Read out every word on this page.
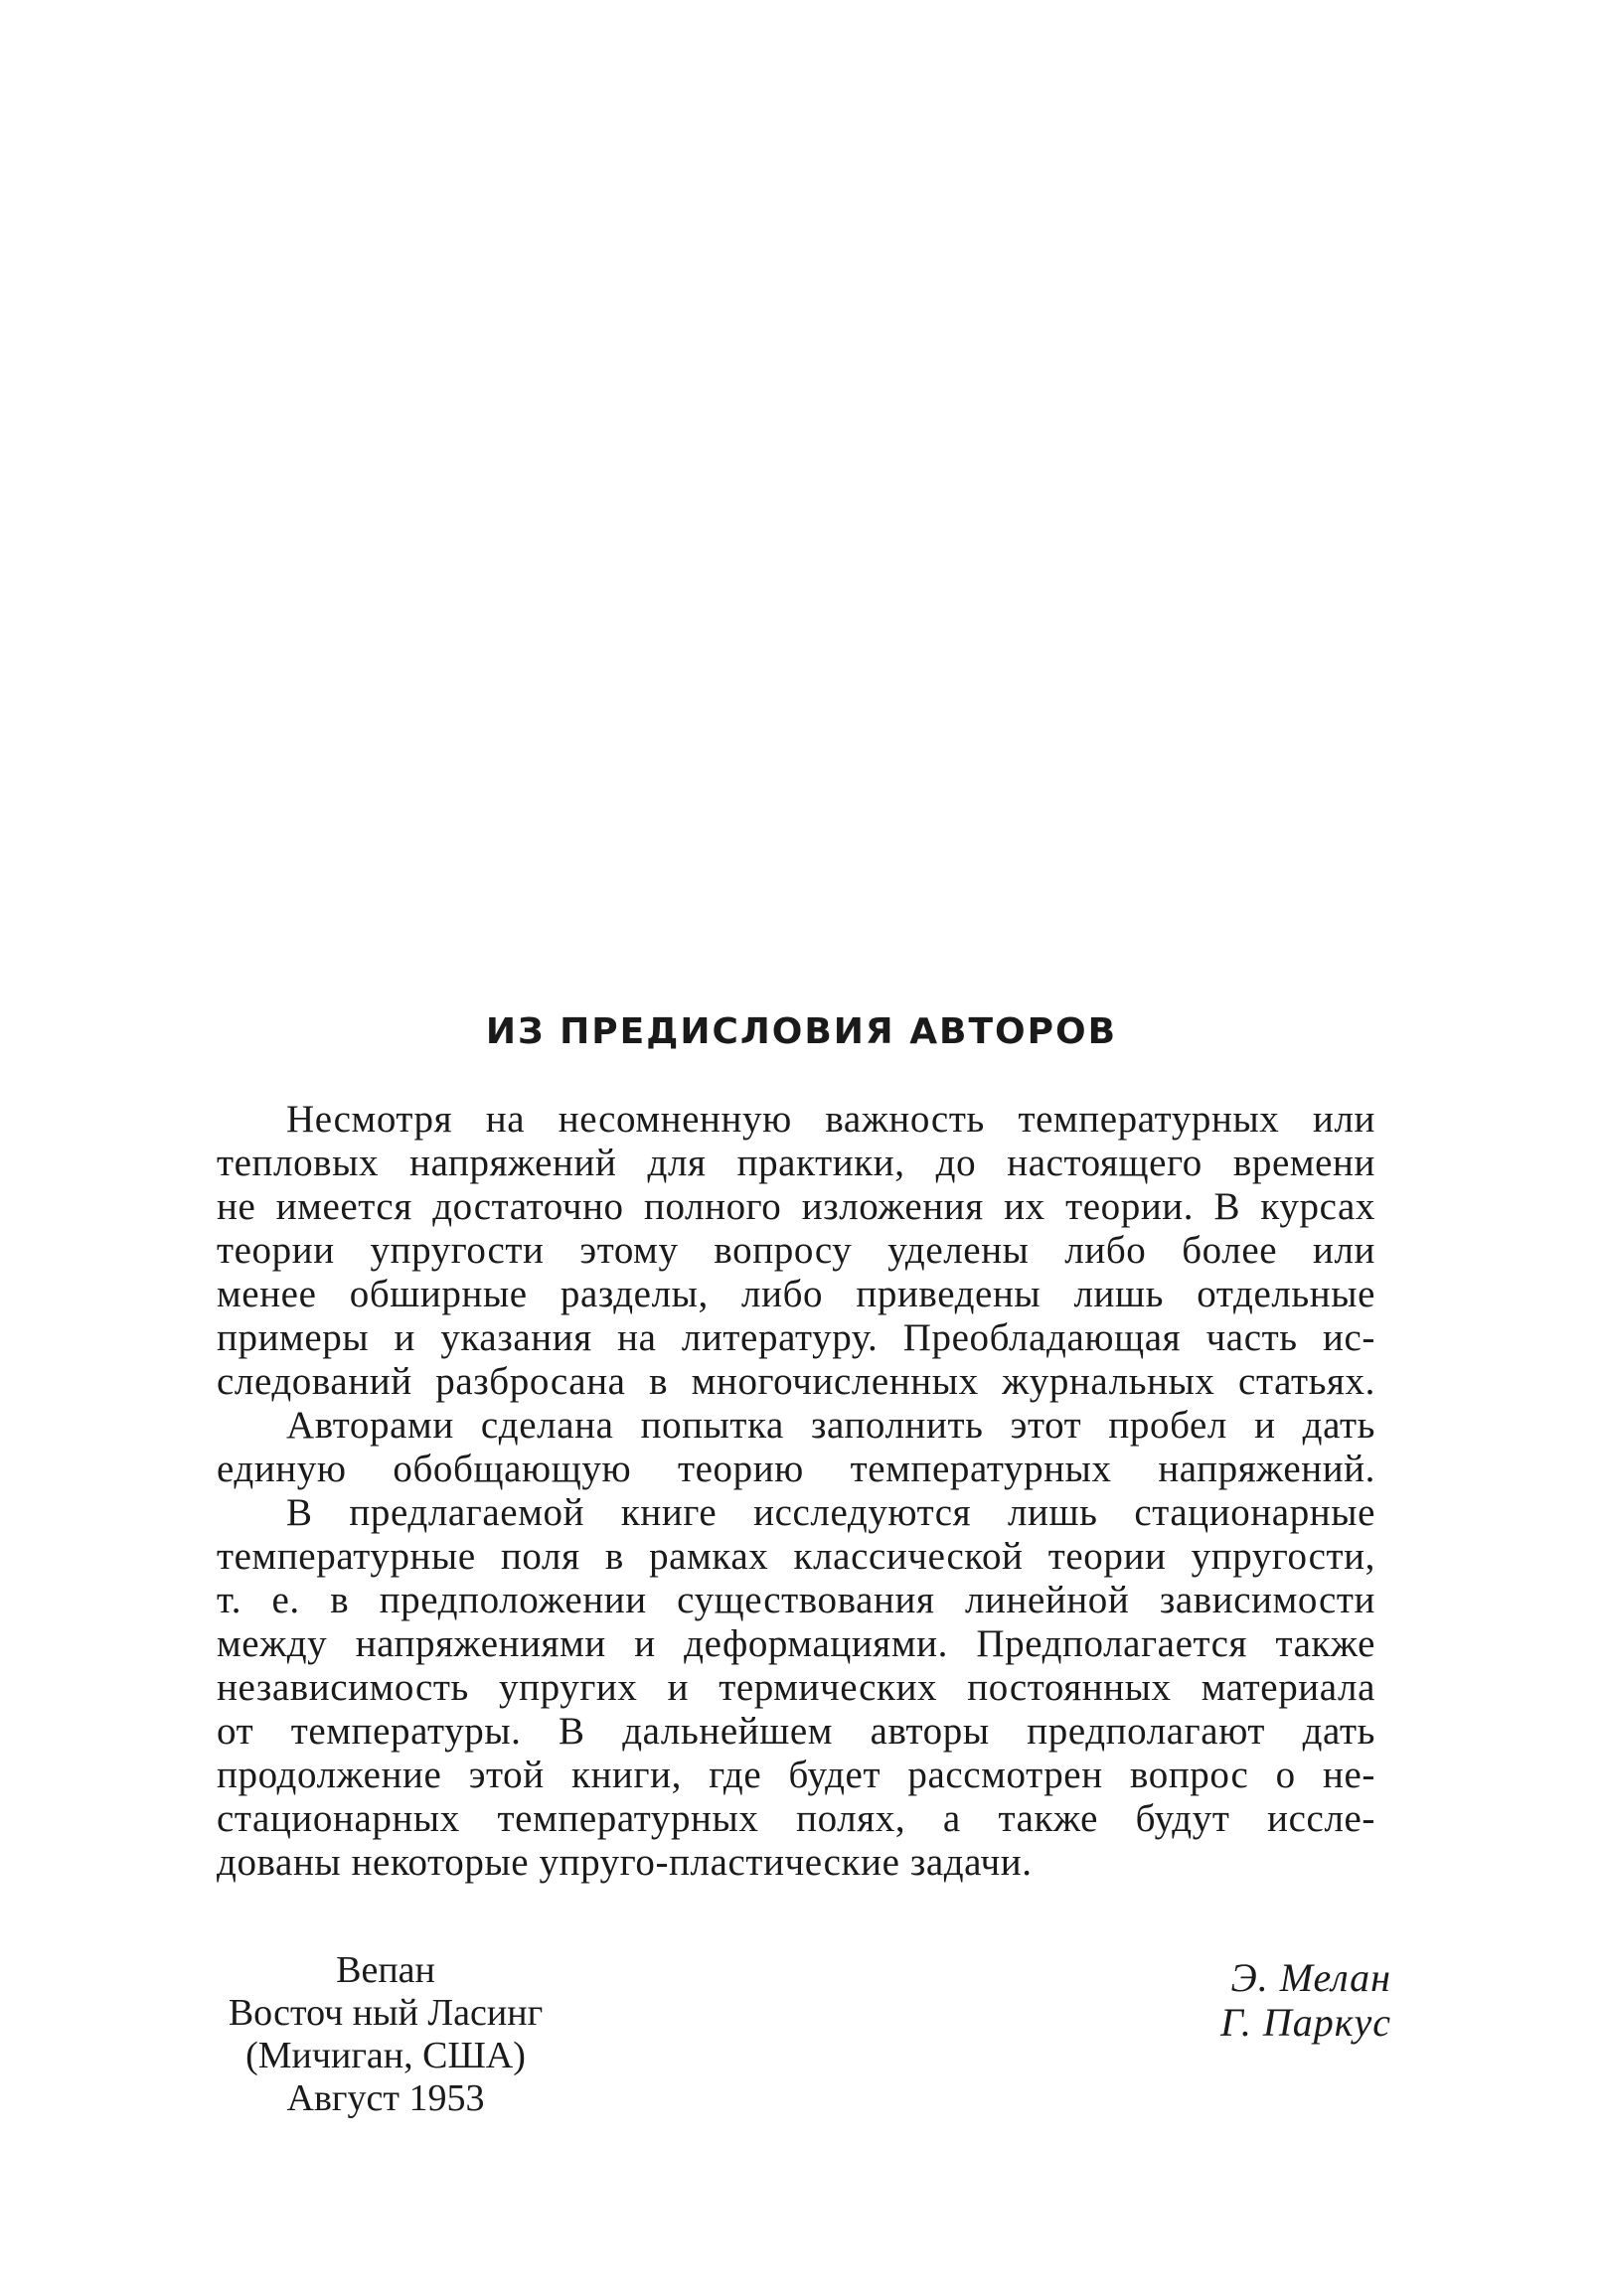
ИЗ ПРЕДИСЛОВИЯ АВТОРОВ
Несмотря на несомненную важность температурных или
тепловых напряжений для практики, до настоящего времени
не имеется достаточно полного изложения их теории. В курсах
теории упругости этому вопросу уделены либо более или
менее обширные разделы, либо приведены лишь отдельные
примеры и указания на литературу. Преобладающая часть ис-
следований разбросана в многочисленных журнальных статьях.
Авторами сделана попытка заполнить этот пробел и дать
единую обобщающую теорию температурных напряжений.
В предлагаемой книге исследуются лишь стационарные
температурные поля в рамках классической теории упругости,
т. е. в предположении существования линейной зависимости
между напряжениями и деформациями. Предполагается также
независимость упругих и термических постоянных материала
от температуры. В дальнейшем авторы предполагают дать
продолжение этой книги, где будет рассмотрен вопрос о не-
стационарных температурных полях, а также будут иссле-
дованы некоторые упруго-пластические задачи.
Вепан
Восточ ный Лаcинг
(Мичиган, США)
Август 1953
Э. Мелан
Г. Паркус
